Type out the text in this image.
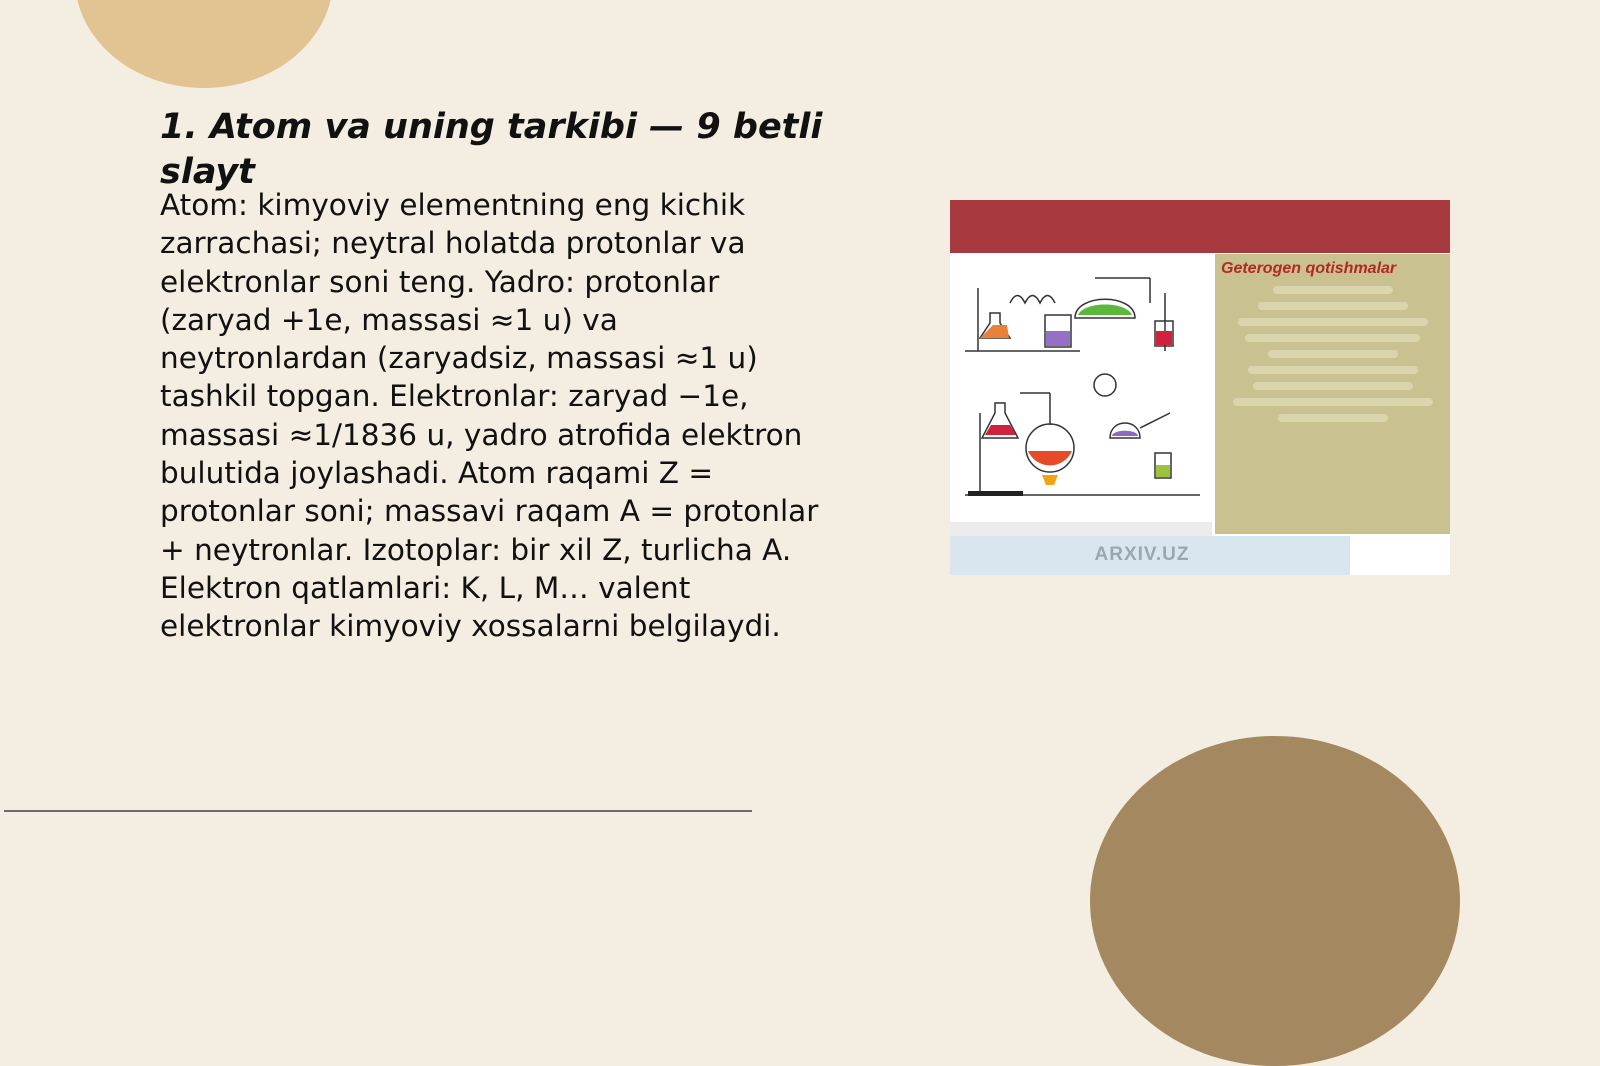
1. Atom va uning tarkibi — 9 betli slayt

Atom: kimyoviy elementning eng kichik zarrachasi; neytral holatda protonlar va elektronlar soni teng. Yadro: protonlar (zaryad +1e, massasi ≈1 u) va neytronlardan (zaryadsiz, massasi ≈1 u) tashkil topgan. Elektronlar: zaryad −1e, massasi ≈1/1836 u, yadro atrofida elektron bulutida joylashadi. Atom raqami Z = protonlar soni; massavi raqam A = protonlar + neytronlar. Izotoplar: bir xil Z, turlicha A. Elektron qatlamlari: K, L, M… valent elektronlar kimyoviy xossalarni belgilaydi.

Geterogen qotishmalar
ARXIV.UZ
